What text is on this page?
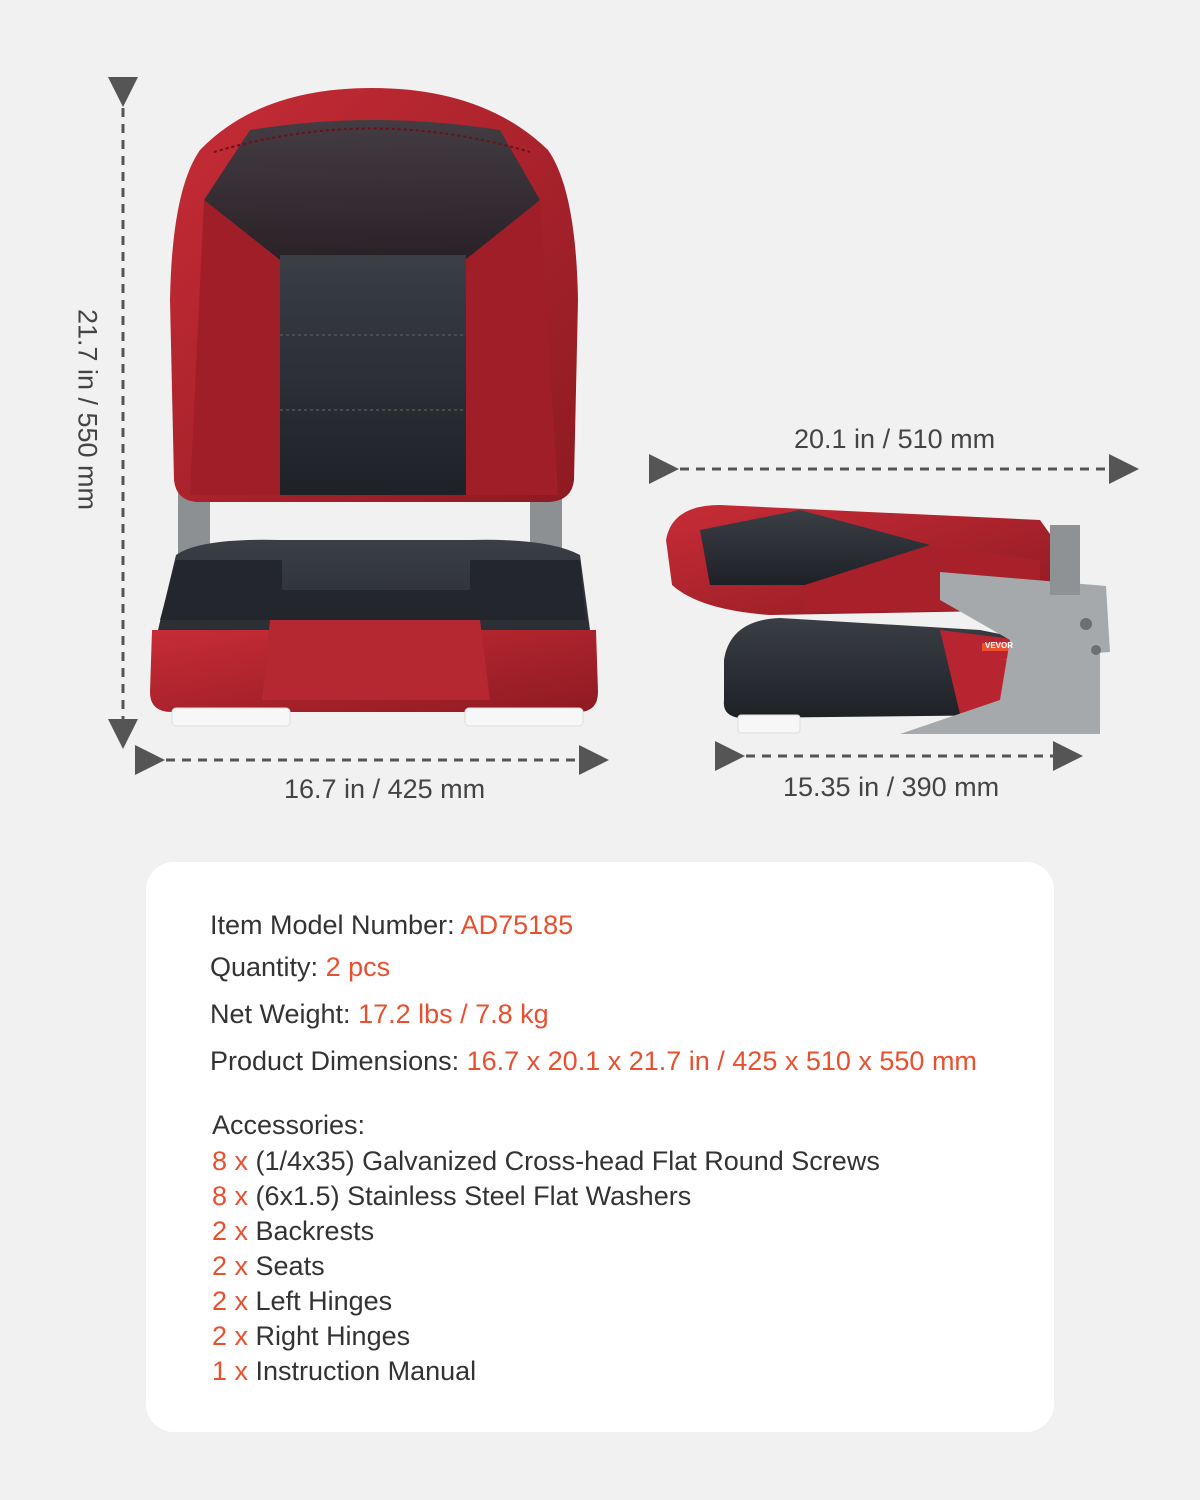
21.7 in / 550 mm
16.7 in / 425 mm
20.1 in / 510 mm
15.35 in / 390 mm
VEVOR
Item Model Number: AD75185
Quantity: 2 pcs
Net Weight: 17.2 lbs / 7.8 kg
Product Dimensions: 16.7 x 20.1 x 21.7 in / 425 x 510 x 550 mm
Accessories:
8 x (1/4x35) Galvanized Cross-head Flat Round Screws
8 x (6x1.5) Stainless Steel Flat Washers
2 x Backrests
2 x Seats
2 x Left Hinges
2 x Right Hinges
1 x Instruction Manual
